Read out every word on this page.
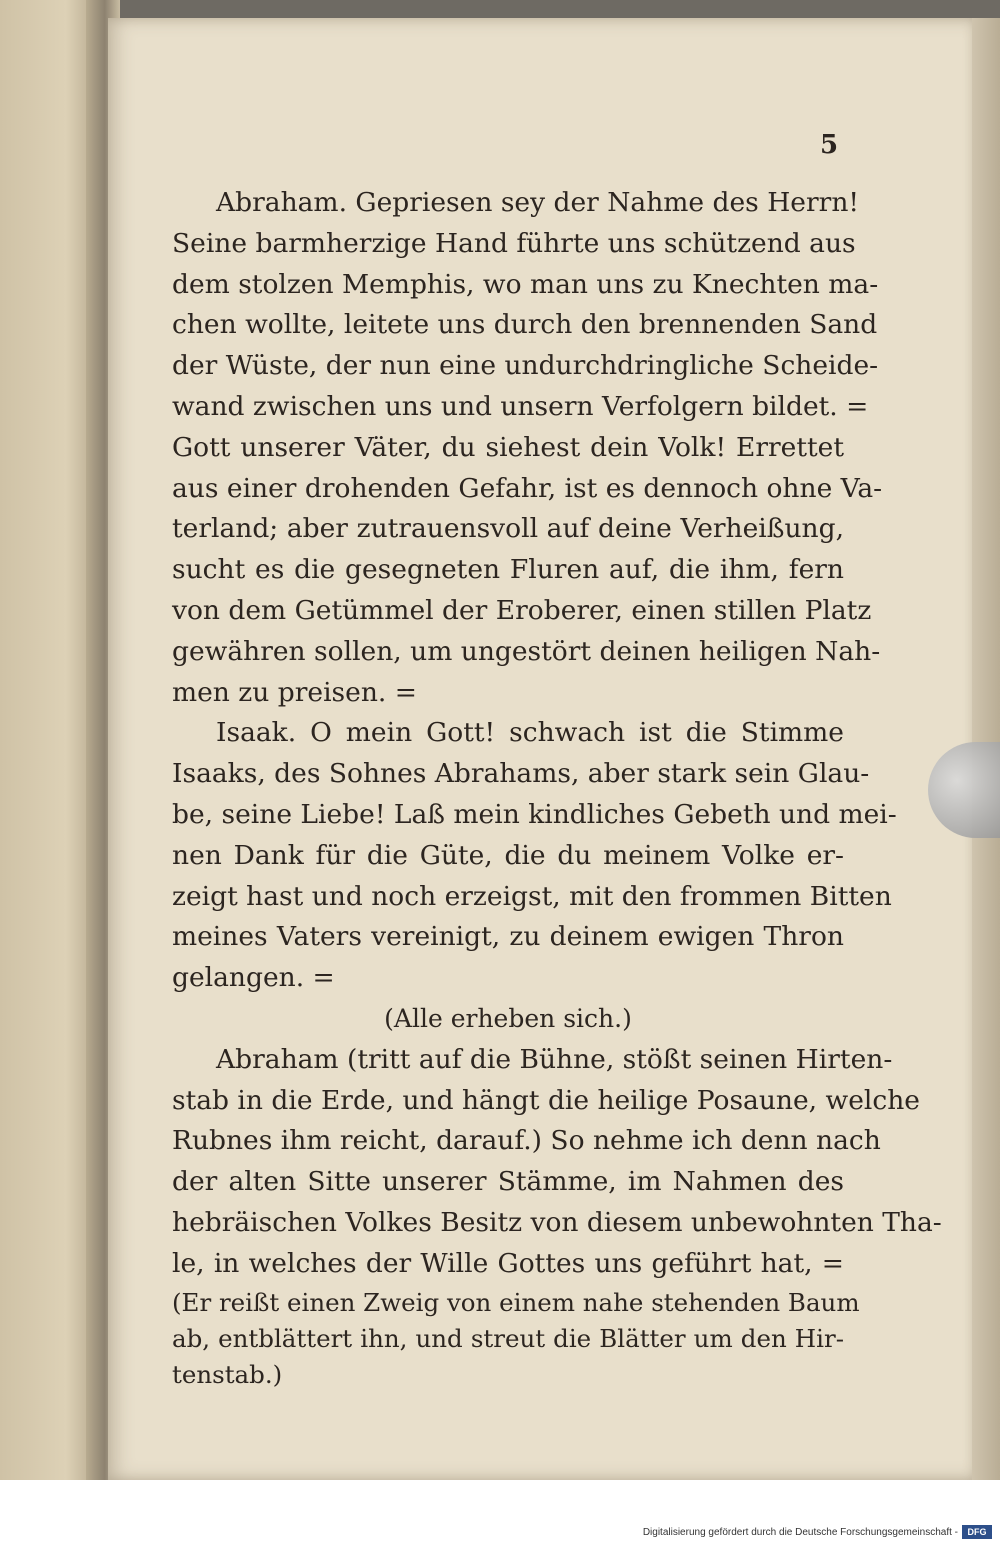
5
Abraham. Gepriesen sey der Nahme des Herrn!
Seine barmherzige Hand führte uns schützend aus
dem stolzen Memphis, wo man uns zu Knechten ma-
chen wollte, leitete uns durch den brennenden Sand
der Wüste, der nun eine undurchdringliche Scheide-
wand zwischen uns und unsern Verfolgern bildet. =
Gott unserer Väter, du siehest dein Volk! Errettet
aus einer drohenden Gefahr, ist es dennoch ohne Va-
terland; aber zutrauensvoll auf deine Verheißung,
sucht es die gesegneten Fluren auf, die ihm, fern
von dem Getümmel der Eroberer, einen stillen Platz
gewähren sollen, um ungestört deinen heiligen Nah-
men zu preisen. =
Isaak. O mein Gott! schwach ist die Stimme
Isaaks, des Sohnes Abrahams, aber stark sein Glau-
be, seine Liebe! Laß mein kindliches Gebeth und mei-
nen Dank für die Güte, die du meinem Volke er-
zeigt hast und noch erzeigst, mit den frommen Bitten
meines Vaters vereinigt, zu deinem ewigen Thron
gelangen. =
(Alle erheben sich.)
Abraham (tritt auf die Bühne, stößt seinen Hirten-
stab in die Erde, und hängt die heilige Posaune, welche
Rubnes ihm reicht, darauf.) So nehme ich denn nach
der alten Sitte unserer Stämme, im Nahmen des
hebräischen Volkes Besitz von diesem unbewohnten Tha-
le, in welches der Wille Gottes uns geführt hat, =
(Er reißt einen Zweig von einem nahe stehenden Baum
ab, entblättert ihn, und streut die Blätter um den Hir-
tenstab.)
Digitalisierung gefördert durch die Deutsche Forschungsgemeinschaft -	DFG
